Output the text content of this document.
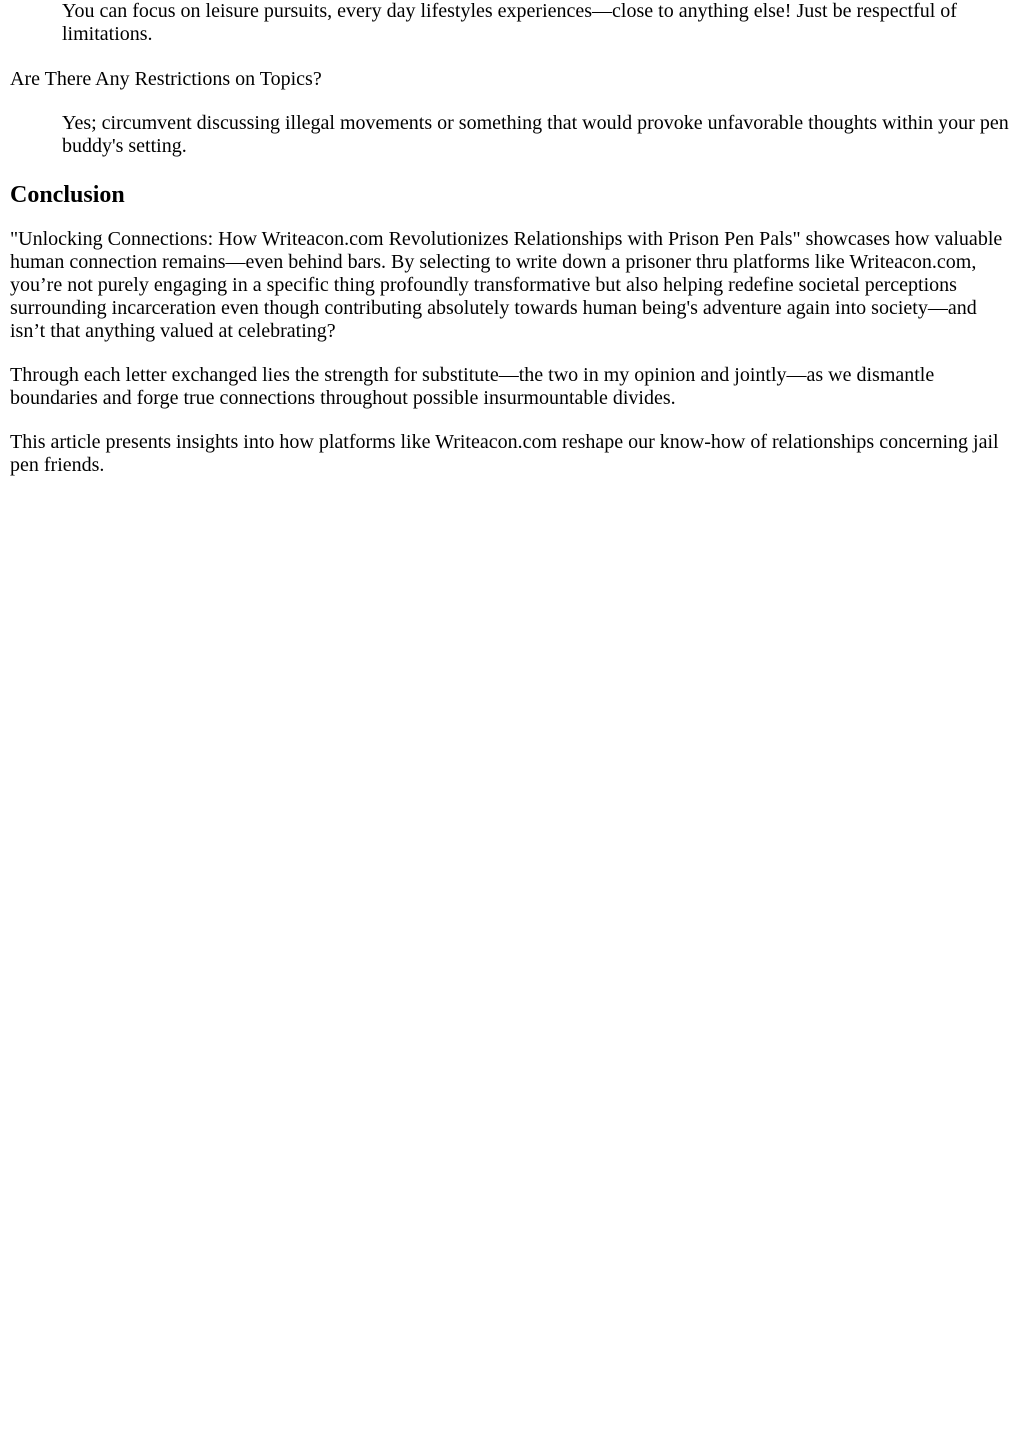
You can focus on leisure pursuits, every day lifestyles experiences—close to anything else! Just be respectful of limitations.
Are There Any Restrictions on Topics?
Yes; circumvent discussing illegal movements or something that would provoke unfavorable thoughts within your pen buddy's setting.
Conclusion

"Unlocking Connections: How Writeacon.com Revolutionizes Relationships with Prison Pen Pals" showcases how valuable human connection remains—even behind bars. By selecting to write down a prisoner thru platforms like Writeacon.com, you’re not purely engaging in a specific thing profoundly transformative but also helping redefine societal perceptions surrounding incarceration even though contributing absolutely towards human being's adventure again into society—and isn’t that anything valued at celebrating?

Through each letter exchanged lies the strength for substitute—the two in my opinion and jointly—as we dismantle boundaries and forge true connections throughout possible insurmountable divides.

This article presents insights into how platforms like Writeacon.com reshape our know-how of relationships concerning jail pen friends.
